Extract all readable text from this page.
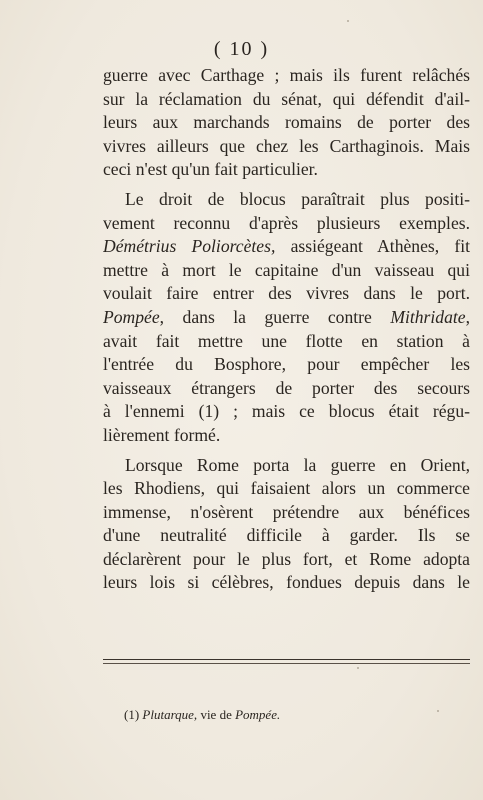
( 10 )
guerre avec Carthage ; mais ils furent relâchés
sur la réclamation du sénat, qui défendit d'ail-
leurs aux marchands romains de porter des
vivres ailleurs que chez les Carthaginois. Mais
ceci n'est qu'un fait particulier.
Le droit de blocus paraîtrait plus positi-
vement reconnu d'après plusieurs exemples.
Démétrius Poliorcètes, assiégeant Athènes, fit
mettre à mort le capitaine d'un vaisseau qui
voulait faire entrer des vivres dans le port.
Pompée, dans la guerre contre Mithridate,
avait fait mettre une flotte en station à
l'entrée du Bosphore, pour empêcher les
vaisseaux étrangers de porter des secours
à l'ennemi (1) ; mais ce blocus était régu-
lièrement formé.
Lorsque Rome porta la guerre en Orient,
les Rhodiens, qui faisaient alors un commerce
immense, n'osèrent prétendre aux bénéfices
d'une neutralité difficile à garder. Ils se
déclarèrent pour le plus fort, et Rome adopta
leurs lois si célèbres, fondues depuis dans le
(1) Plutarque, vie de Pompée.
